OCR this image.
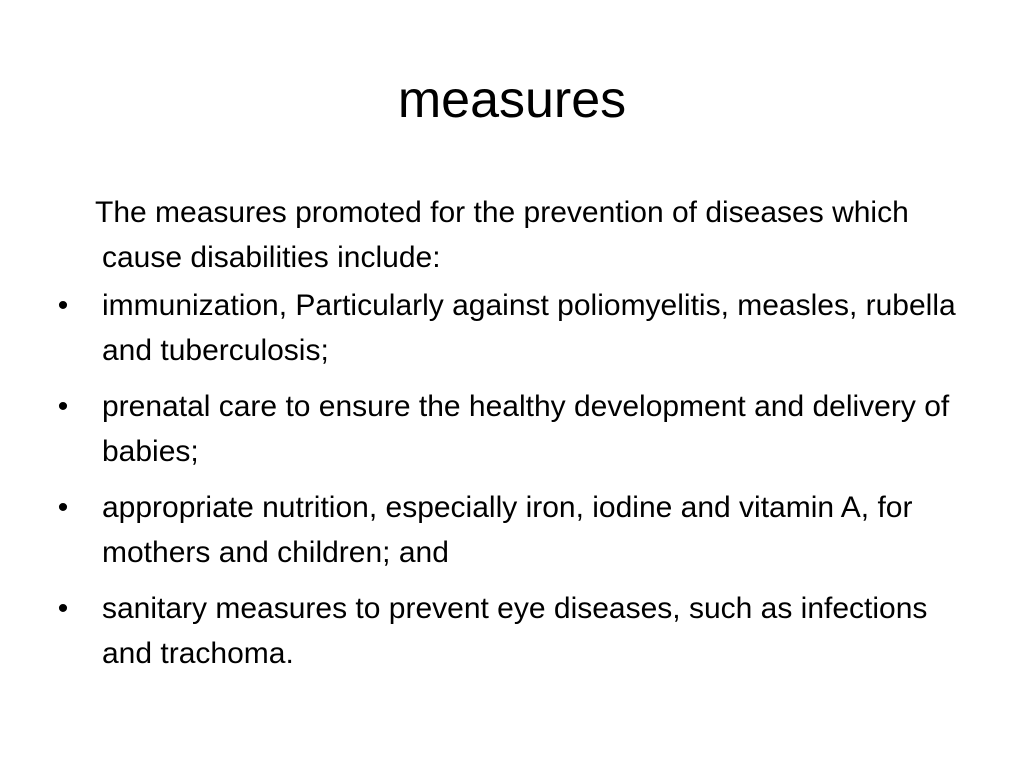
measures

The measures promoted for the prevention of diseases which cause disabilities include:

• immunization, Particularly against poliomyelitis, measles, rubella and tuberculosis;
• prenatal care to ensure the healthy development and delivery of babies;
• appropriate nutrition, especially iron, iodine and vitamin A, for mothers and children; and
• sanitary measures to prevent eye diseases, such as infections and trachoma.
